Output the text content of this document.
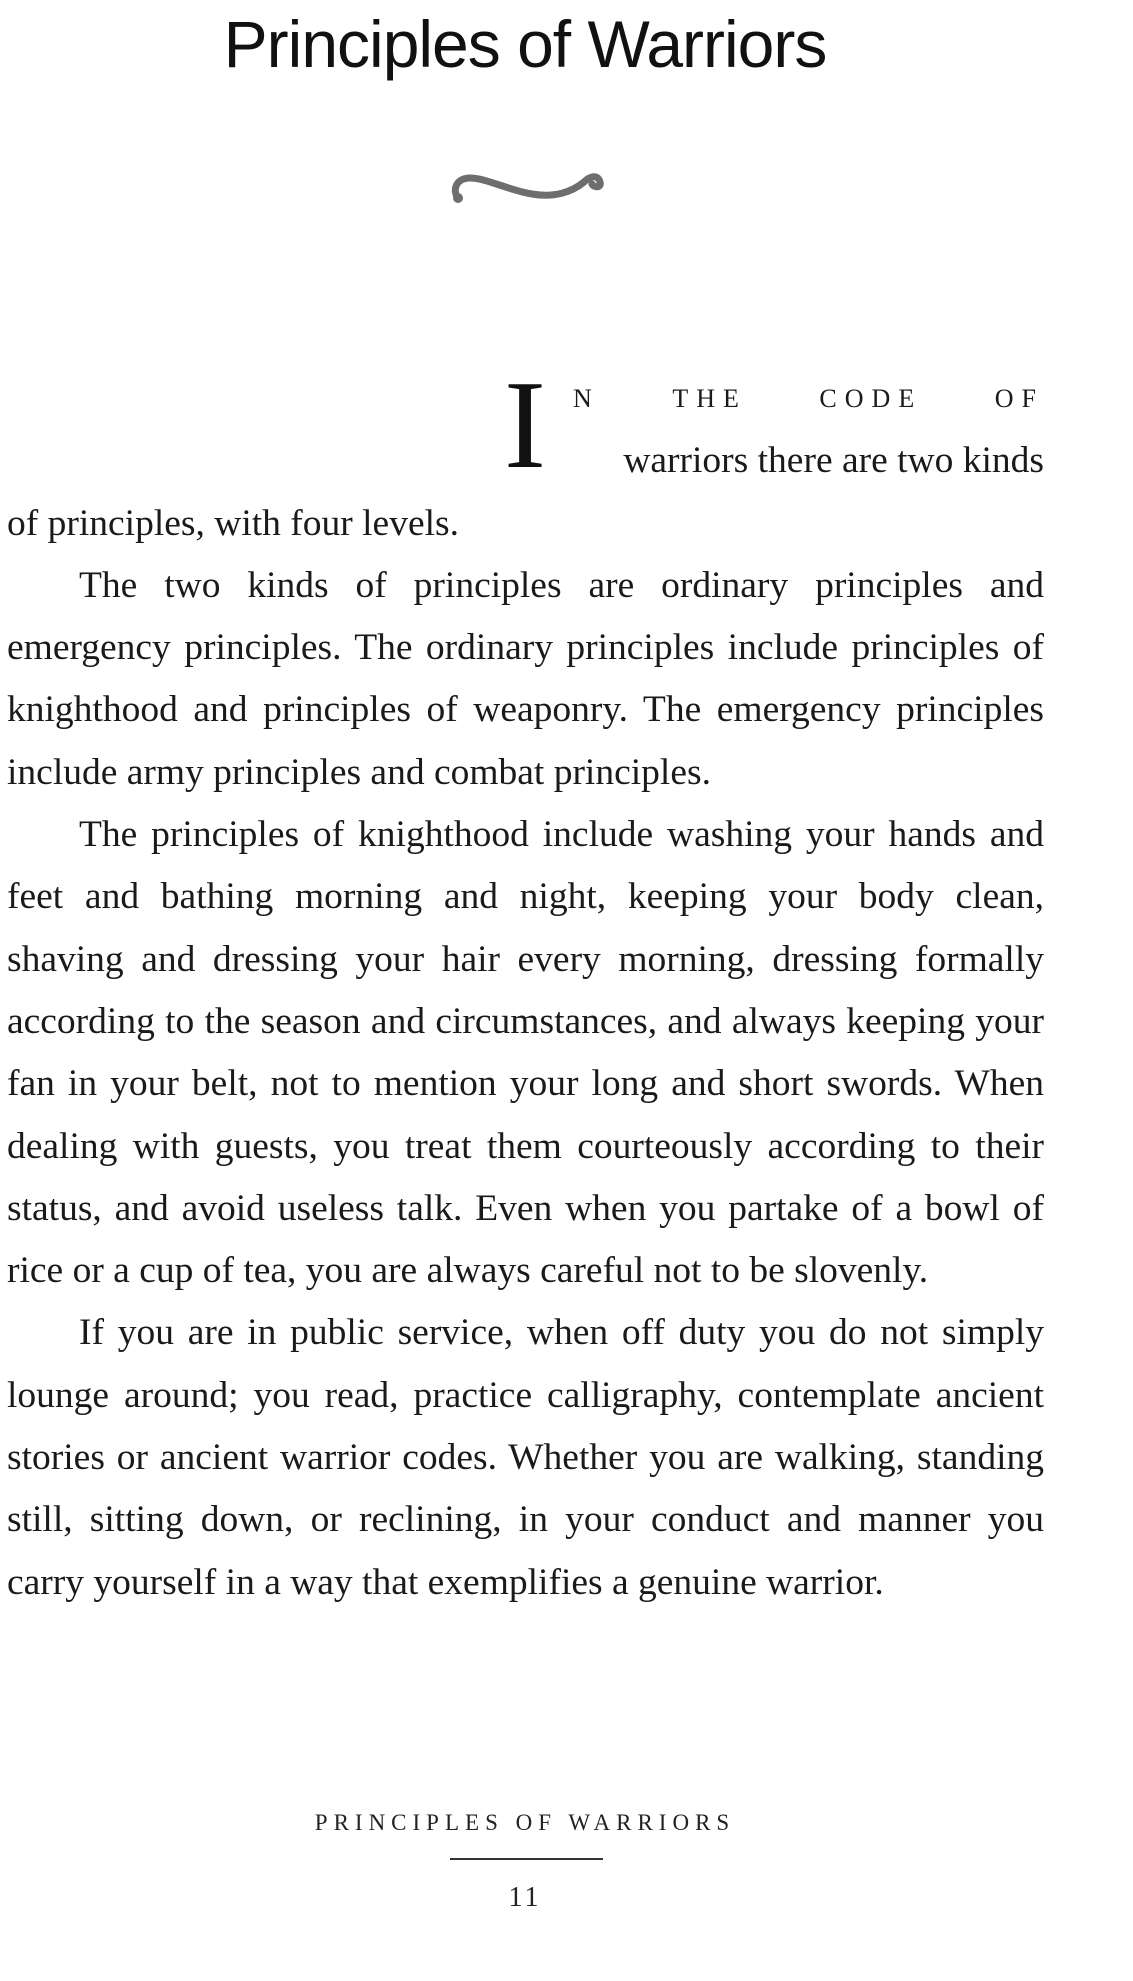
Principles of Warriors
I N	THE	CODE	OF
warriors there are two kinds

of principles, with four levels.

The two kinds of principles are ordinary principles and emergency principles. The ordinary principles include principles of knighthood and principles of weaponry. The emergency principles include army principles and combat principles.

The principles of knighthood include washing your hands and feet and bathing morning and night, keeping your body clean, shaving and dressing your hair every morning, dressing formally according to the season and circumstances, and always keeping your fan in your belt, not to mention your long and short swords. When dealing with guests, you treat them courteously according to their status, and avoid useless talk. Even when you partake of a bowl of rice or a cup of tea, you are always careful not to be slovenly.

If you are in public service, when off duty you do not simply lounge around; you read, practice calligraphy, contemplate ancient stories or ancient warrior codes. Whether you are walking, standing still, sitting down, or reclining, in your conduct and manner you carry yourself in a way that exemplifies a genuine warrior.

PRINCIPLES OF WARRIORS
11
